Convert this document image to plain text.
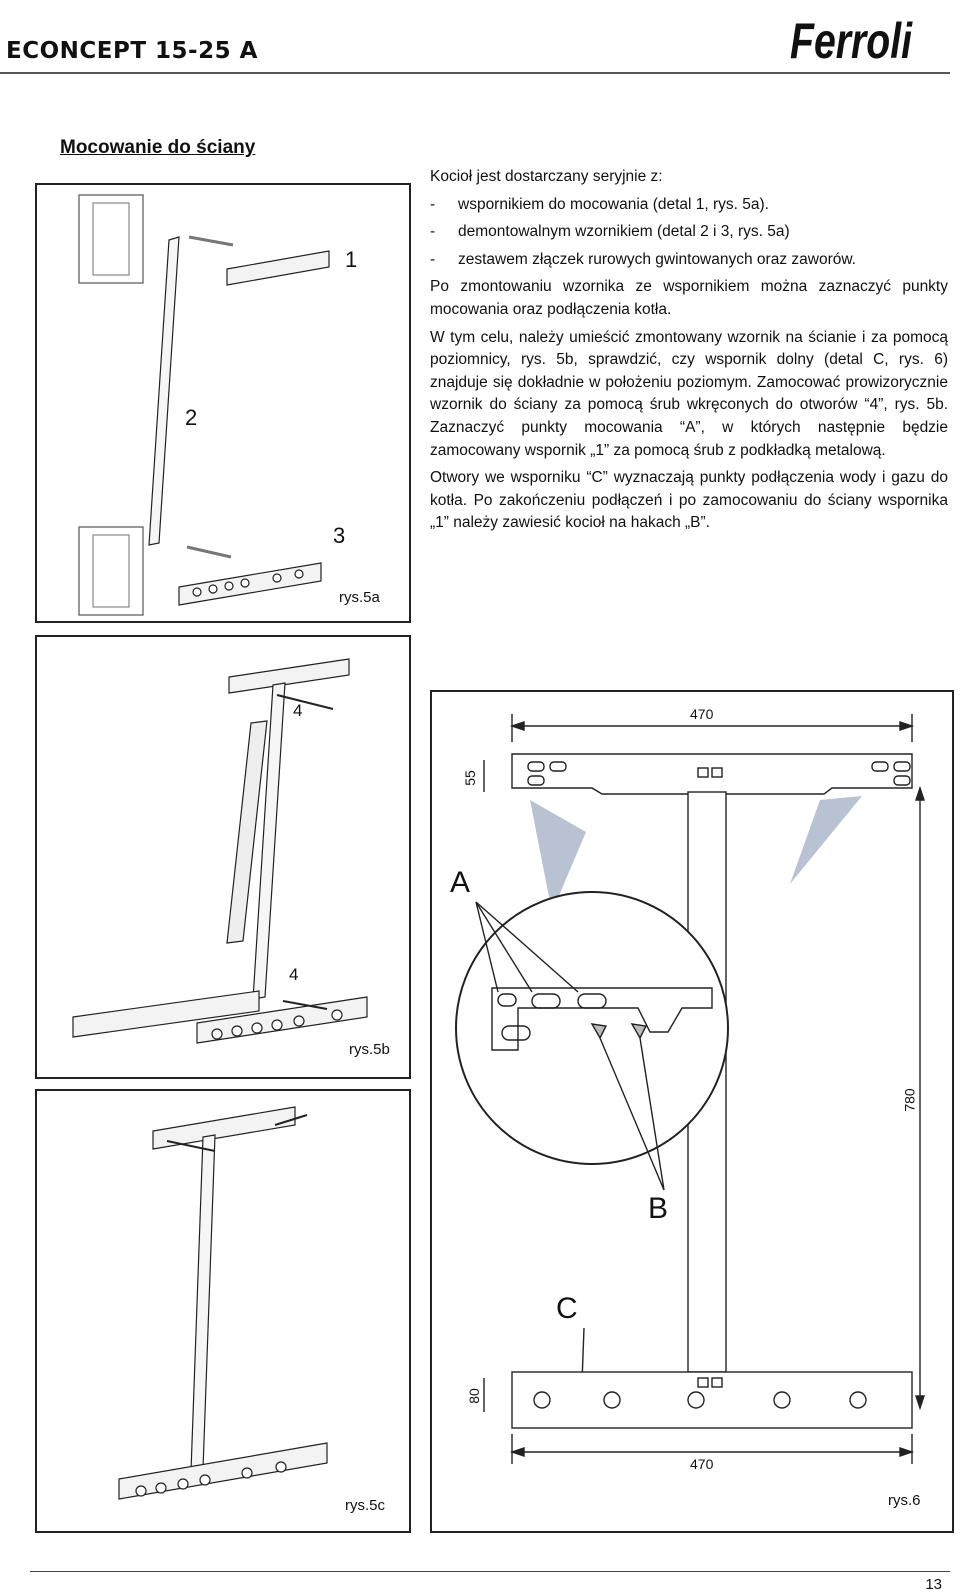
ECONCEPT 15-25 A	Ferroli
Mocowanie do ściany
1
2
3
rys.5a

Kocioł jest dostarczany seryjnie z:

-	wspornikiem do mocowania (detal 1, rys. 5a).
-	demontowalnym wzornikiem (detal 2 i 3, rys. 5a)
-	zestawem złączek rurowych gwintowanych oraz zaworów.

Po zmontowaniu wzornika ze wspornikiem można zaznaczyć punkty mocowania oraz podłączenia kotła.

W tym celu, należy umieścić zmontowany wzornik na ścianie i za pomocą poziomnicy, rys. 5b, sprawdzić, czy wspornik dolny (detal C, rys. 6) znajduje się dokładnie w położeniu poziomym. Zamocować prowizorycznie wzornik do ściany za pomocą śrub wkręconych do otworów “4”, rys. 5b. Zaznaczyć punkty mocowania “A”, w których następnie będzie zamocowany wspornik „1” za pomocą śrub z podkładką metalową.

Otwory we wsporniku “C” wyznaczają punkty podłączenia wody i gazu do kotła. Po zakończeniu podłączeń i po zamocowaniu do ściany wspornika „1” należy zawiesić kocioł na hakach „B”.

4
4
rys.5b
rys.5c
470
55
780
80
470
A
B
C
rys.6
13
